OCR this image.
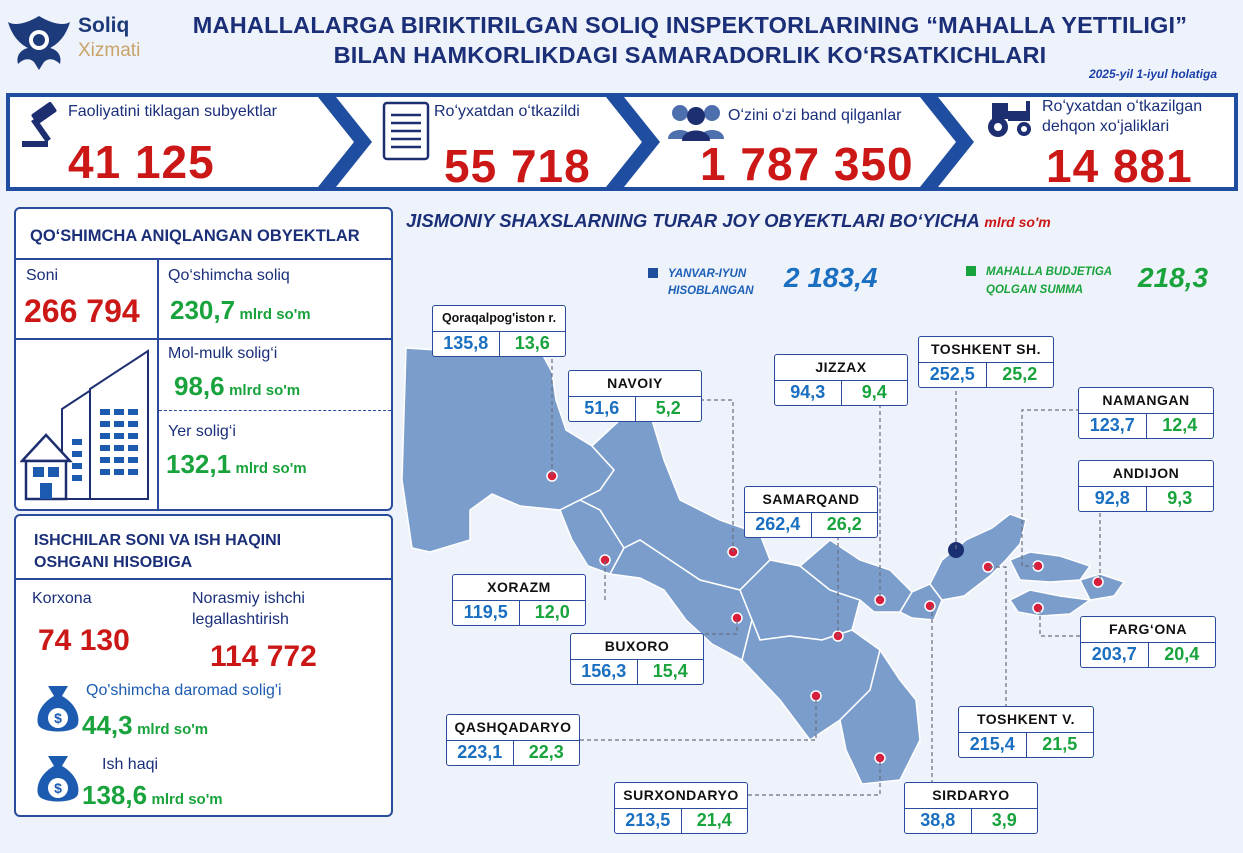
Soliq
Xizmati
MAHALLALARGA BIRIKTIRILGAN SOLIQ INSPEKTORLARINING “MAHALLA YETTILIGI”
BILAN HAMKORLIKDAGI SAMARADORLIK KOʻRSATKICHLARI
2025-yil 1-iyul holatiga
Faoliyatini tiklagan subyektlar
41 125
Roʻyxatdan oʻtkazildi
55 718
Oʻzini oʻzi band qilganlar
1 787 350
Roʻyxatdan oʻtkazilgan
dehqon xoʻjaliklari
14 881
QOʻSHIMCHA ANIQLANGAN OBYEKTLAR
Soni
266 794
Qo‘shimcha soliq
230,7 mlrd so'm
Mol-mulk solig‘i
98,6 mlrd so'm
Yer solig‘i
132,1 mlrd so'm
ISHCHILAR SONI VA ISH HAQINI
OSHGANI HISOBIGA
Korxona
74 130
Norasmiy ishchi
legallashtirish
114 772
$
Qo'shimcha daromad solig'i
44,3 mlrd so'm
$
Ish haqi
138,6 mlrd so'm
JISMONIY SHAXSLARNING TURAR JOY OBYEKTLARI BOʻYICHA mlrd so'm
YANVAR-IYUN
HISOBLANGAN 2 183,4	MAHALLA BUDJETIGA
QOLGAN SUMMA	218,3
Qoraqalpog'iston r.
135,8	13,6
NAVOIY
51,6	5,2
JIZZAX
94,3	9,4
TOSHKENT SH.
252,5	25,2
NAMANGAN
123,7	12,4
ANDIJON
92,8	9,3
SAMARQAND
262,4	26,2
XORAZM
119,5	12,0
BUXORO
156,3	15,4
FARG‘ONA
203,7	20,4
QASHQADARYO
223,1	22,3
TOSHKENT V.
215,4	21,5
SURXONDARYO
213,5	21,4
SIRDARYO
38,8	3,9
